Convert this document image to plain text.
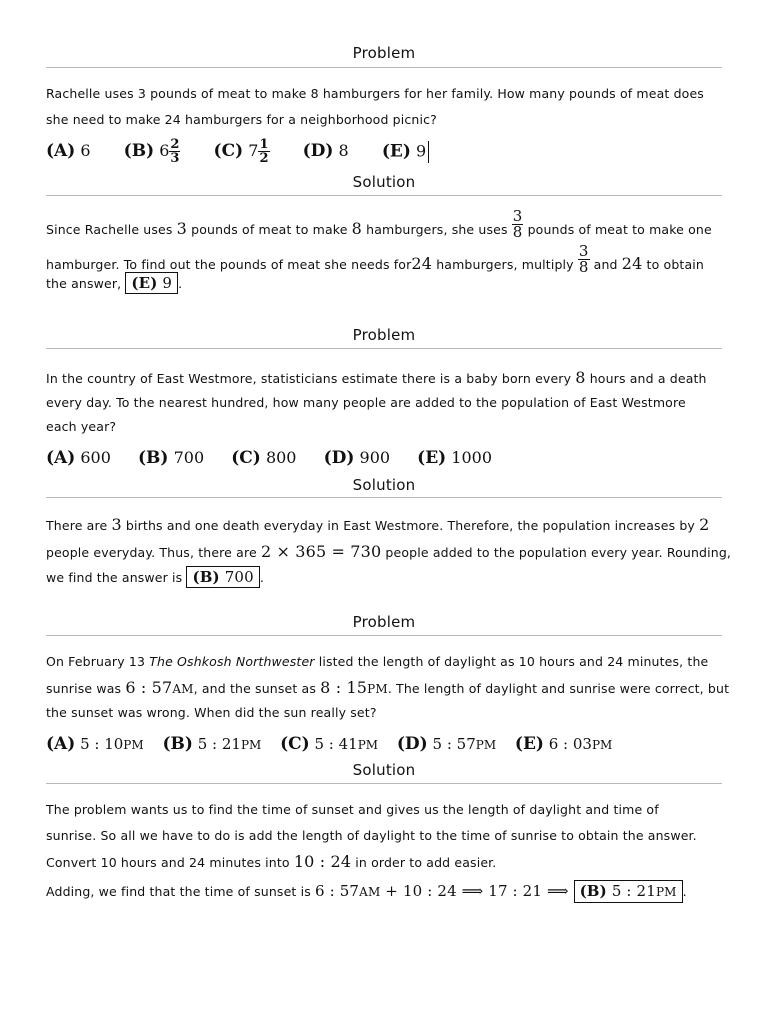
Problem
Rachelle uses 3 pounds of meat to make 8 hamburgers for her family. How many pounds of meat does
she need to make 24 hamburgers for a neighborhood picnic?
(A) 6 (B) $6 \frac{2}{3} (C)$ $7 \frac{1}{2} (D)$ 8 (E) 9
Solution
Since Rachelle uses 3 pounds of meat to make 8 hamburgers, she uses $\frac{3}{8}$ pounds of meat to make one
hamburger. To find out the pounds of meat she needs for24 hamburgers, multiply $\frac{3}{8}$ and 24 to obtain
the answer, (E) 9 .
Problem
In the country of East Westmore, statisticians estimate there is a baby born every 8 hours and a death
every day. To the nearest hundred, how many people are added to the population of East Westmore
each year?
(A) 600 (B) 700 (C) 800 (D) 900 (E) 1000
Solution
There are 3 births and one death everyday in East Westmore. Therefore, the population increases by 2
people everyday. Thus, there are 2 × 365 = 730 people added to the population every year. Rounding,
we find the answer is (B) 700 .
Problem
On February 13 The Oshkosh Northwester listed the length of daylight as 10 hours and 24 minutes, the
sunrise was 6 : 57AM, and the sunset as 8 : 15PM. The length of daylight and sunrise were correct, but
the sunset was wrong. When did the sun really set?
(A) 5 : 10PM (B) 5 : 21PM (C) 5 : 41PM (D) 5 : 57PM (E) 6 : 03PM
Solution
The problem wants us to find the time of sunset and gives us the length of daylight and time of
sunrise. So all we have to do is add the length of daylight to the time of sunrise to obtain the answer.
Convert 10 hours and 24 minutes into 10 : 24 in order to add easier.
Adding, we find that the time of sunset is 6 : 57AM + 10 : 24 ⟹ 17 : 21 ⟹ (B) 5 : 21PM .
